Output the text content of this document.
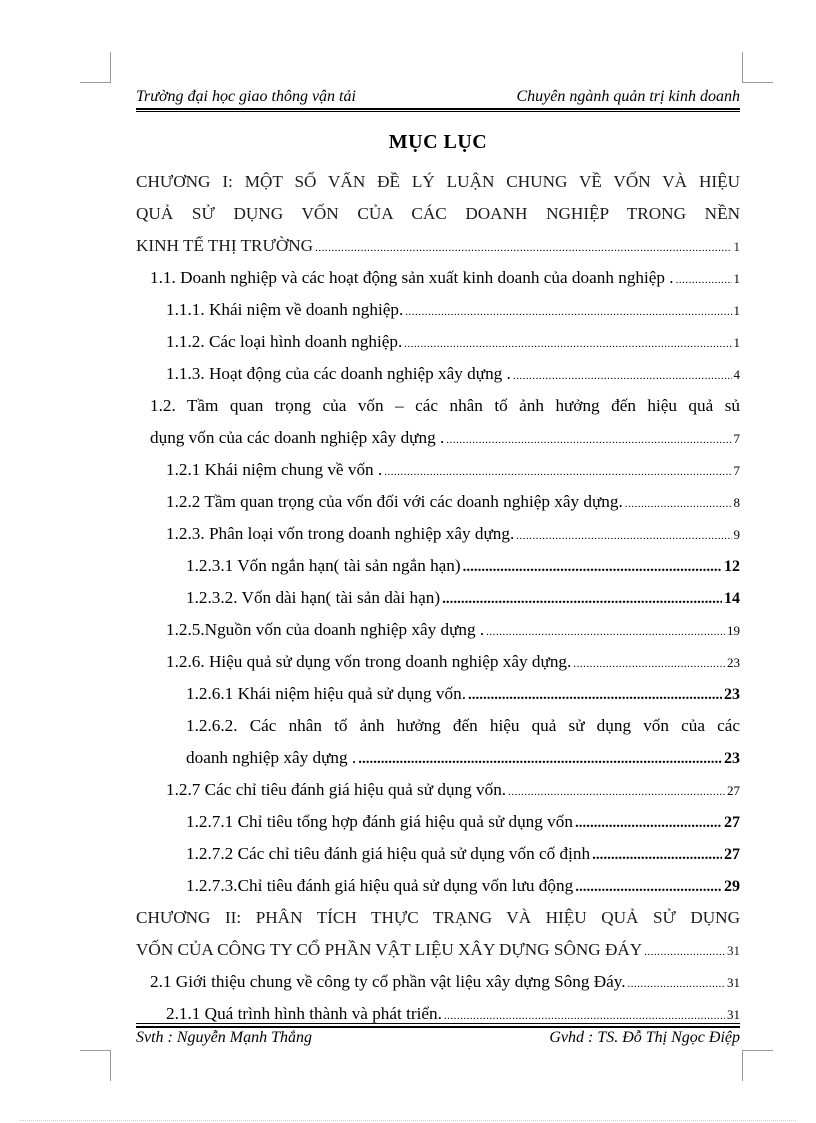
Trường đại học giao thông vận tải	Chuyên ngành quản trị kinh doanh
MỤC LỤC
CHƯƠNG I: MỘT SỐ VẤN ĐỀ LÝ LUẬN CHUNG VỀ VỐN VÀ HIỆU
QUẢ SỬ DỤNG VỐN CỦA CÁC DOANH NGHIỆP TRONG NỀN
KINH TẾ THỊ TRƯỜNG .....	1
1.1. Doanh nghiệp và các hoạt động sản xuất kinh doanh của doanh nghiệp . .....	1
1.1.1. Khái niệm về doanh nghiệp. .....	1
1.1.2. Các loại hình doanh nghiệp. .....	1
1.1.3. Hoạt động của các doanh nghiệp xây dựng . .....	4
1.2. Tầm quan trọng của vốn – các nhân tố ảnh hưởng đến hiệu quả sủ
dụng vốn của các doanh nghiệp xây dựng . .....	7
1.2.1 Khái niệm chung về vốn . .....	7
1.2.2 Tầm quan trọng của vốn đối với các doanh nghiệp xây dựng. .....	8
1.2.3. Phân loại vốn trong doanh nghiệp xây dựng. .....	9
1.2.3.1 Vốn ngắn hạn( tài sản ngắn hạn) .....	12
1.2.3.2. Vốn dài hạn( tài sản dài hạn) .....	14
1.2.5.Nguồn vốn của doanh nghiệp xây dựng . .....	19
1.2.6. Hiệu quả sử dụng vốn trong doanh nghiệp xây dựng. .....	23
1.2.6.1 Khái niệm hiệu quả sử dụng vốn. .....	23
1.2.6.2. Các nhân tố ảnh hưởng đến hiệu quả sử dụng vốn của các
doanh nghiệp xây dựng . .....	23
1.2.7 Các chỉ tiêu đánh giá hiệu quả sử dụng vốn. .....	27
1.2.7.1 Chỉ tiêu tổng hợp đánh giá hiệu quả sử dụng vốn .....	27
1.2.7.2 Các chỉ tiêu đánh giá hiệu quả sử dụng vốn cố định .....	27
1.2.7.3.Chỉ tiêu đánh giá hiệu quả sử dụng vốn lưu động .....	29
CHƯƠNG II: PHÂN TÍCH THỰC TRẠNG VÀ HIỆU QUẢ SỬ DỤNG
VỐN CỦA CÔNG TY CỔ PHẦN VẬT LIỆU XÂY DỰNG SÔNG ĐÁY .....	31
2.1 Giới thiệu chung về công ty cổ phần vật liệu xây dựng Sông Đáy. .....	31
2.1.1 Quá trình hình thành và phát triển. .....	31
Svth : Nguyễn Mạnh Thắng	Gvhd : TS. Đỗ Thị Ngọc Điệp
